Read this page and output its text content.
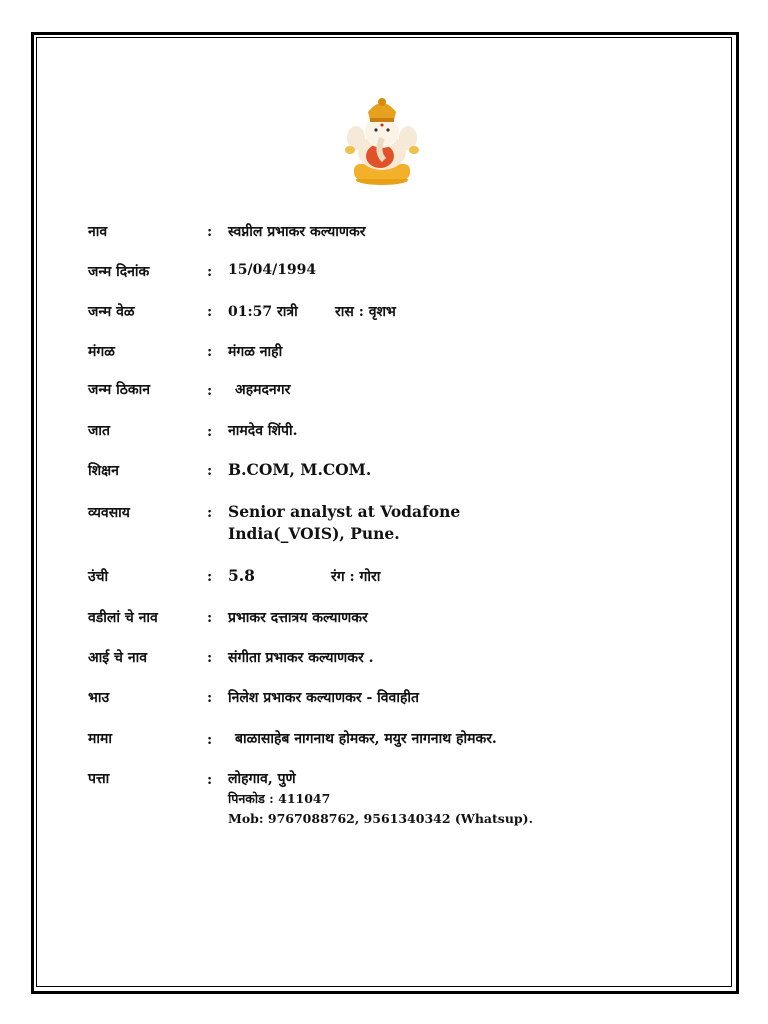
नाव	: स्वप्नील प्रभाकर कल्याणकर
जन्म दिनांक	: 15/04/1994
जन्म वेळ	: 01:57 रात्री	रास : वृशभ
मंगळ	: मंगळ नाही
जन्म ठिकान	: अहमदनगर
जात	: नामदेव शिंपी.
शिक्षन	: B.COM, M.COM.
व्यवसाय	: Senior analyst at Vodafone
India(_VOIS), Pune.
उंची	: 5.8	रंग : गोरा
वडीलां चे नाव	: प्रभाकर दत्तात्रय कल्याणकर
आई चे नाव	: संगीता प्रभाकर कल्याणकर .
भाउ	: निलेश प्रभाकर कल्याणकर - विवाहीत
मामा	: बाळासाहेब नागनाथ होमकर, मयुर नागनाथ होमकर.
पत्ता	: लोहगाव, पुणे
पिनकोड : 411047
Mob: 9767088762, 9561340342 (Whatsup).
